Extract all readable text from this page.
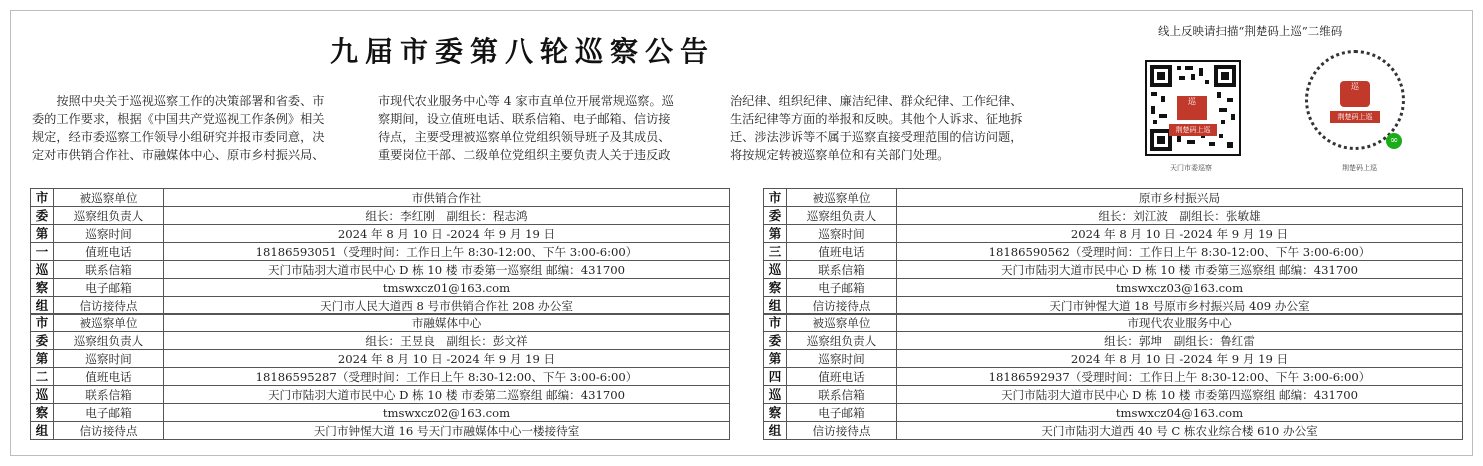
九届市委第八轮巡察公告
　　按照中央关于巡视巡察工作的决策部署和省委、市
委的工作要求，根据《中国共产党巡视工作条例》相关
规定，经市委巡察工作领导小组研究并报市委同意，决
定对市供销合作社、市融媒体中心、原市乡村振兴局、
市现代农业服务中心等 4 家市直单位开展常规巡察。巡
察期间，设立值班电话、联系信箱、电子邮箱、信访接
待点，主要受理被巡察单位党组织领导班子及其成员、
重要岗位干部、二级单位党组织主要负责人关于违反政
治纪律、组织纪律、廉洁纪律、群众纪律、工作纪律、
生活纪律等方面的举报和反映。其他个人诉求、征地拆
迁、涉法涉诉等不属于巡察直接受理范围的信访问题，
将按规定转被巡察单位和有关部门处理。
线上反映请扫描“荆楚码上巡”二维码
巡
荆楚码上巡
巡
荆楚码上巡
∞
天门市委巡察	荆楚码上巡
市	被巡察单位	市供销合作社
委	巡察组负责人	组长：李红刚　副组长：程志鸿
第	巡察时间	2024 年 8 月 10 日 -2024 年 9 月 19 日
一	值班电话	18186593051（受理时间：工作日上午 8:30-12:00、下午 3:00-6:00）
巡	联系信箱	天门市陆羽大道市民中心 D 栋 10 楼 市委第一巡察组 邮编：431700
察	电子邮箱	tmswxcz01@163.com
组	信访接待点	天门市人民大道西 8 号市供销合作社 208 办公室
市	被巡察单位	市融媒体中心
委	巡察组负责人	组长：王昱良　副组长：彭文祥
第	巡察时间	2024 年 8 月 10 日 -2024 年 9 月 19 日
二	值班电话	18186595287（受理时间：工作日上午 8:30-12:00、下午 3:00-6:00）
巡	联系信箱	天门市陆羽大道市民中心 D 栋 10 楼 市委第二巡察组 邮编：431700
察	电子邮箱	tmswxcz02@163.com
组	信访接待点	天门市钟惺大道 16 号天门市融媒体中心一楼接待室
市	被巡察单位	原市乡村振兴局
委	巡察组负责人	组长：刘江波　副组长：张敏雄
第	巡察时间	2024 年 8 月 10 日 -2024 年 9 月 19 日
三	值班电话	18186590562（受理时间：工作日上午 8:30-12:00、下午 3:00-6:00）
巡	联系信箱	天门市陆羽大道市民中心 D 栋 10 楼 市委第三巡察组 邮编：431700
察	电子邮箱	tmswxcz03@163.com
组	信访接待点	天门市钟惺大道 18 号原市乡村振兴局 409 办公室
市	被巡察单位	市现代农业服务中心
委	巡察组负责人	组长：郭坤　副组长：鲁红雷
第	巡察时间	2024 年 8 月 10 日 -2024 年 9 月 19 日
四	值班电话	18186592937（受理时间：工作日上午 8:30-12:00、下午 3:00-6:00）
巡	联系信箱	天门市陆羽大道市民中心 D 栋 10 楼 市委第四巡察组 邮编：431700
察	电子邮箱	tmswxcz04@163.com
组	信访接待点	天门市陆羽大道西 40 号 C 栋农业综合楼 610 办公室
